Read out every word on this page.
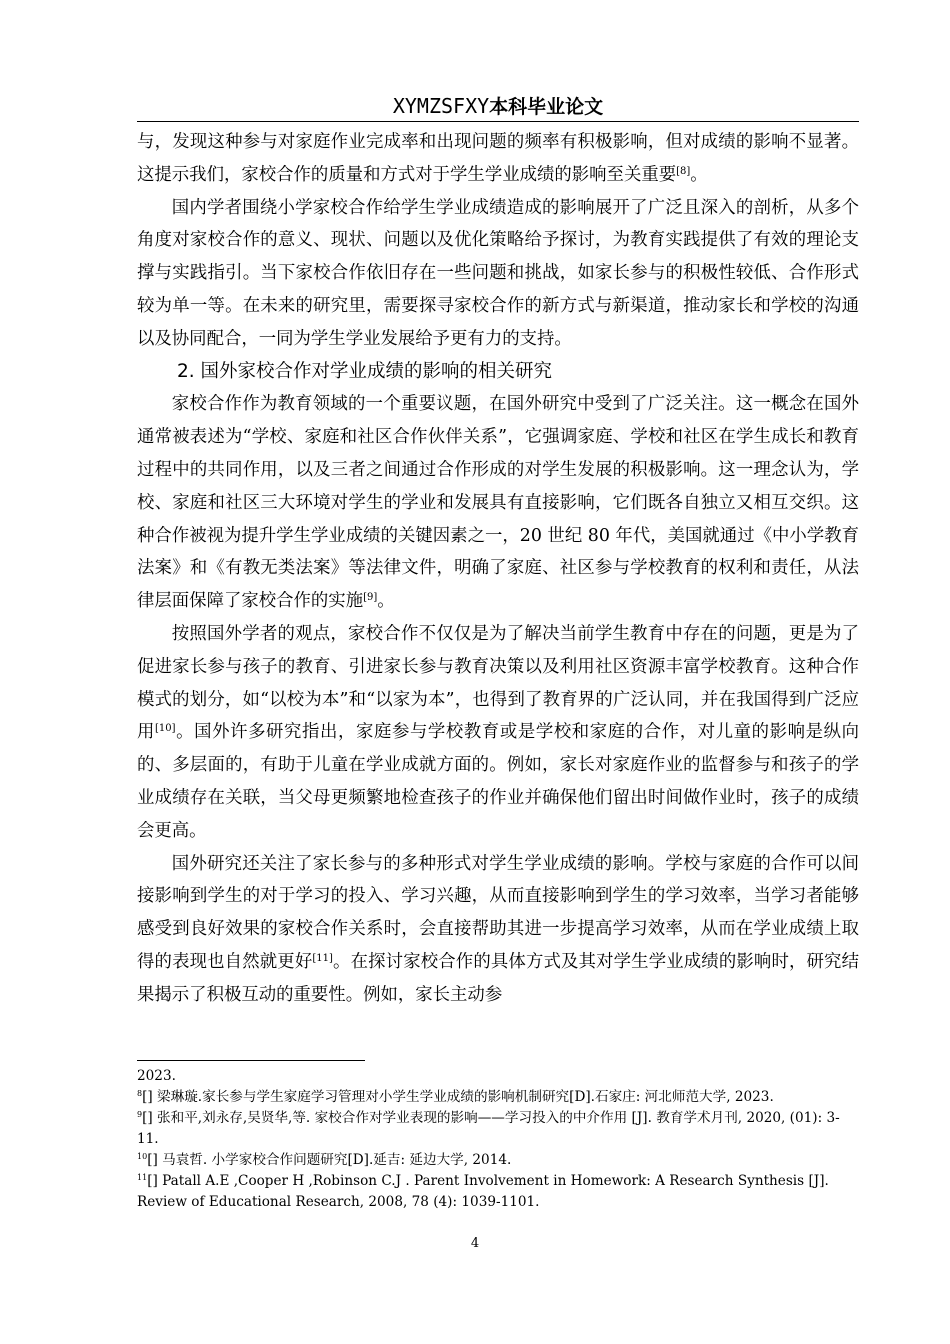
XYMZSFXY本科毕业论文

与，发现这种参与对家庭作业完成率和出现问题的频率有积极影响，但对成绩的影响不显著。这提示我们，家校合作的质量和方式对于学生学业成绩的影响至关重要[8]。

国内学者围绕小学家校合作给学生学业成绩造成的影响展开了广泛且深入的剖析，从多个角度对家校合作的意义、现状、问题以及优化策略给予探讨，为教育实践提供了有效的理论支撑与实践指引。当下家校合作依旧存在一些问题和挑战，如家长参与的积极性较低、合作形式较为单一等。在未来的研究里，需要探寻家校合作的新方式与新渠道，推动家长和学校的沟通以及协同配合，一同为学生学业发展给予更有力的支持。

2. 国外家校合作对学业成绩的影响的相关研究

家校合作作为教育领域的一个重要议题，在国外研究中受到了广泛关注。这一概念在国外通常被表述为“学校、家庭和社区合作伙伴关系”，它强调家庭、学校和社区在学生成长和教育过程中的共同作用，以及三者之间通过合作形成的对学生发展的积极影响。这一理念认为，学校、家庭和社区三大环境对学生的学业和发展具有直接影响，它们既各自独立又相互交织。这种合作被视为提升学生学业成绩的关键因素之一，20 世纪 80 年代，美国就通过《中小学教育法案》和《有教无类法案》等法律文件，明确了家庭、社区参与学校教育的权利和责任，从法律层面保障了家校合作的实施[9]。

按照国外学者的观点，家校合作不仅仅是为了解决当前学生教育中存在的问题，更是为了促进家长参与孩子的教育、引进家长参与教育决策以及利用社区资源丰富学校教育。这种合作模式的划分，如“以校为本”和“以家为本”，也得到了教育界的广泛认同，并在我国得到广泛应用[10]。国外许多研究指出，家庭参与学校教育或是学校和家庭的合作，对儿童的影响是纵向的、多层面的，有助于儿童在学业成就方面的。例如，家长对家庭作业的监督参与和孩子的学业成绩存在关联，当父母更频繁地检查孩子的作业并确保他们留出时间做作业时，孩子的成绩会更高。

国外研究还关注了家长参与的多种形式对学生学业成绩的影响。学校与家庭的合作可以间接影响到学生的对于学习的投入、学习兴趣，从而直接影响到学生的学习效率，当学习者能够感受到良好效果的家校合作关系时，会直接帮助其进一步提高学习效率，从而在学业成绩上取得的表现也自然就更好[11]。在探讨家校合作的具体方式及其对学生学业成绩的影响时，研究结果揭示了积极互动的重要性。例如，家长主动参

2023.
$^8$[] 梁琳璇.家长参与学生家庭学习管理对小学生学业成绩的影响机制研究[D].石家庄: 河北师范大学, 2023.
$^9$[] 张和平,刘永存,吴贤华,等. 家校合作对学业表现的影响——学习投入的中介作用 [J]. 教育学术月刊, 2020, (01): 3-11.
$^{10}$[] 马袁哲. 小学家校合作问题研究[D].延吉: 延边大学, 2014.
$^{11}$[] Patall A.E ,Cooper H ,Robinson C.J . Parent Involvement in Homework: A Research Synthesis [J]. Review of Educational Research, 2008, 78 (4): 1039-1101.
4
